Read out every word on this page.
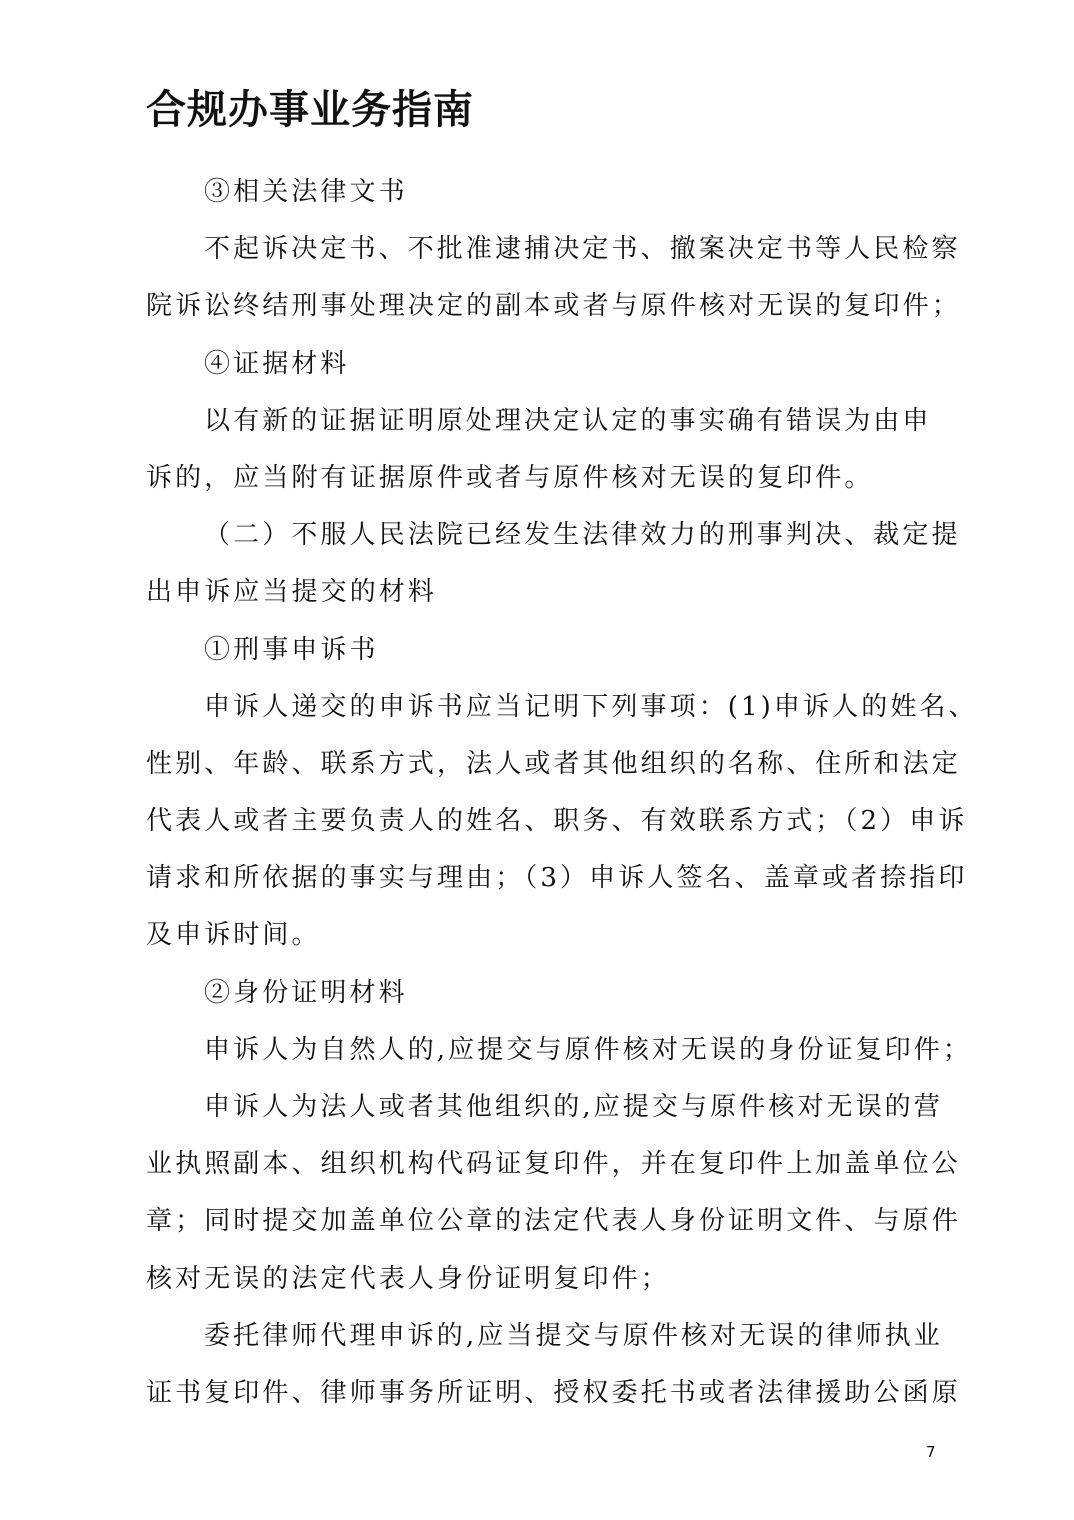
合规办事业务指南
③相关法律文书
不起诉决定书、不批准逮捕决定书、撤案决定书等人民检察
院诉讼终结刑事处理决定的副本或者与原件核对无误的复印件；
④证据材料
以有新的证据证明原处理决定认定的事实确有错误为由申
诉的，应当附有证据原件或者与原件核对无误的复印件。
（二）不服人民法院已经发生法律效力的刑事判决、裁定提
出申诉应当提交的材料
①刑事申诉书
申诉人递交的申诉书应当记明下列事项：(1)申诉人的姓名、
性别、年龄、联系方式，法人或者其他组织的名称、住所和法定
代表人或者主要负责人的姓名、职务、有效联系方式；（2）申诉
请求和所依据的事实与理由；（3）申诉人签名、盖章或者捺指印
及申诉时间。
②身份证明材料
申诉人为自然人的,应提交与原件核对无误的身份证复印件；
申诉人为法人或者其他组织的,应提交与原件核对无误的营
业执照副本、组织机构代码证复印件，并在复印件上加盖单位公
章；同时提交加盖单位公章的法定代表人身份证明文件、与原件
核对无误的法定代表人身份证明复印件；
委托律师代理申诉的,应当提交与原件核对无误的律师执业
证书复印件、律师事务所证明、授权委托书或者法律援助公函原
7
